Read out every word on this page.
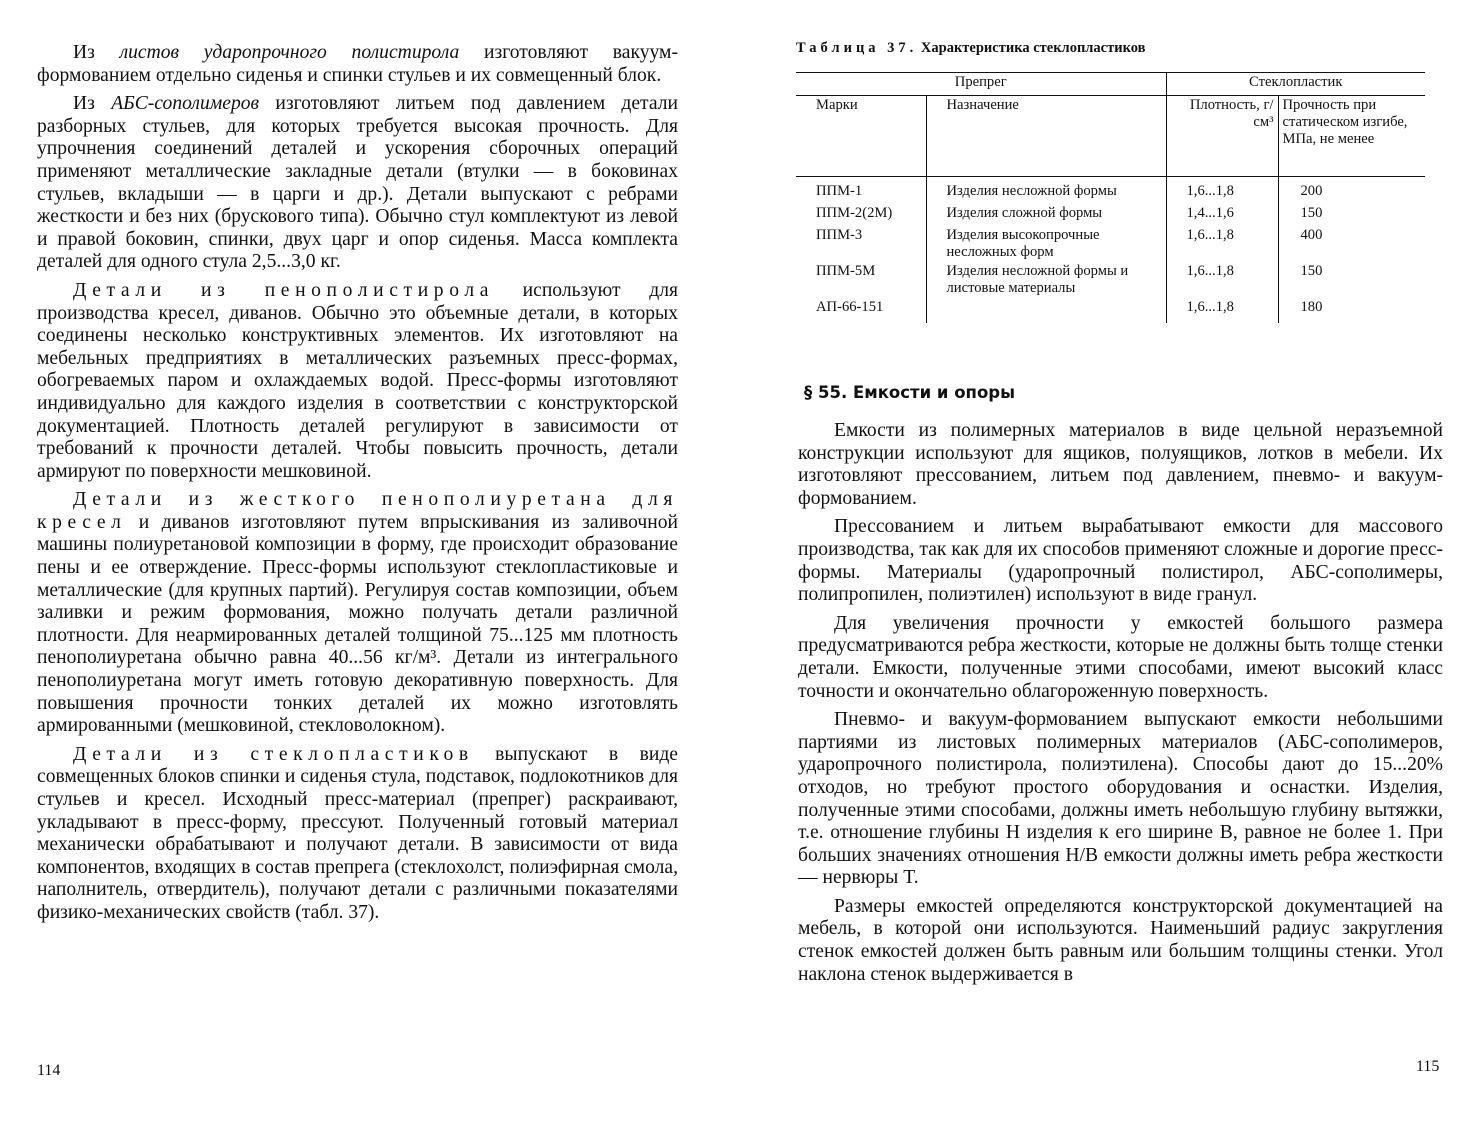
Из листов ударопрочного полистирола изготовляют вакуум-формованием отдельно сиденья и спинки стульев и их совмещенный блок.

Из АБС-сополимеров изготовляют литьем под давлением детали разборных стульев, для которых требуется высокая прочность. Для упрочнения соединений деталей и ускорения сборочных операций применяют металлические закладные детали (втулки — в боковинах стульев, вкладыши — в царги и др.). Детали выпускают с ребрами жесткости и без них (брускового типа). Обычно стул комплектуют из левой и правой боковин, спинки, двух царг и опор сиденья. Масса комплекта деталей для одного стула 2,5...3,0 кг.

Детали из пенополистирола используют для производства кресел, диванов. Обычно это объемные детали, в которых соединены несколько конструктивных элементов. Их изготовляют на мебельных предприятиях в металлических разъемных пресс-формах, обогреваемых паром и охлаждаемых водой. Пресс-формы изготовляют индивидуально для каждого изделия в соответствии с конструкторской документацией. Плотность деталей регулируют в зависимости от требований к прочности деталей. Чтобы повысить прочность, детали армируют по поверхности мешковиной.

Детали из жесткого пенополиуретана для кресел и диванов изготовляют путем впрыскивания из заливочной машины полиуретановой композиции в форму, где происходит образование пены и ее отверждение. Пресс-формы используют стеклопластиковые и металлические (для крупных партий). Регулируя состав композиции, объем заливки и режим формования, можно получать детали различной плотности. Для неармированных деталей толщиной 75...125 мм плотность пенополиуретана обычно равна 40...56 кг/м³. Детали из интегрального пенополиуретана могут иметь готовую декоративную поверхность. Для повышения прочности тонких деталей их можно изготовлять армированными (мешковиной, стекловолокном).

Детали из стеклопластиков выпускают в виде совмещенных блоков спинки и сиденья стула, подставок, подлокотников для стульев и кресел. Исходный пресс-материал (препрег) раскраивают, укладывают в пресс-форму, прессуют. Полученный готовый материал механически обрабатывают и получают детали. В зависимости от вида компонентов, входящих в состав препрега (стеклохолст, полиэфирная смола, наполнитель, отвердитель), получают детали с различными показателями физико-механических свойств (табл. 37).

114
Таблица 37. Характеристика стеклопластиков
Препрег		Стеклопластик	
Марки	Назначение	Плотность, г/см³	Прочность при статическом изгибе, МПа, не менее
ППМ-1	Изделия несложной формы	1,6...1,8	200
ППМ-2(2М)	Изделия сложной формы	1,4...1,6	150
ППМ-3	Изделия высокопрочные несложных форм	1,6...1,8	400
ППМ-5М	Изделия несложной формы и листовые материалы	1,6...1,8	150
АП-66-151		1,6...1,8	180
§ 55. Емкости и опоры

Емкости из полимерных материалов в виде цельной неразъемной конструкции используют для ящиков, полуящиков, лотков в мебели. Их изготовляют прессованием, литьем под давлением, пневмо- и вакуум-формованием.

Прессованием и литьем вырабатывают емкости для массового производства, так как для их способов применяют сложные и дорогие пресс-формы. Материалы (ударопрочный полистирол, АБС-сополимеры, полипропилен, полиэтилен) используют в виде гранул.

Для увеличения прочности у емкостей большого размера предусматриваются ребра жесткости, которые не должны быть толще стенки детали. Емкости, полученные этими способами, имеют высокий класс точности и окончательно облагороженную поверхность.

Пневмо- и вакуум-формованием выпускают емкости небольшими партиями из листовых полимерных материалов (АБС-сополимеров, ударопрочного полистирола, полиэтилена). Способы дают до 15...20% отходов, но требуют простого оборудования и оснастки. Изделия, полученные этими способами, должны иметь небольшую глубину вытяжки, т.е. отношение глубины H изделия к его ширине B, равное не более 1. При больших значениях отношения H/B емкости должны иметь ребра жесткости — нервюры T.

Размеры емкостей определяются конструкторской документацией на мебель, в которой они используются. Наименьший радиус закругления стенок емкостей должен быть равным или большим толщины стенки. Угол наклона стенок выдерживается в

115
